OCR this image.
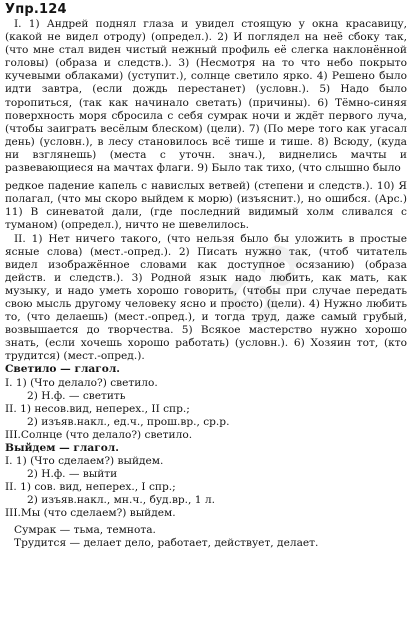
Упр.124

I. 1) Андрей поднял глаза и увидел стоящую у окна красавицу, (какой не видел отроду) (определ.). 2) И поглядел на неё сбоку так, (что мне стал виден чистый нежный профиль её слегка наклонённой головы) (образа и следств.). 3) (Несмотря на то что небо покрыто кучевыми облаками) (уступит.), солнце светило ярко. 4) Решено было идти завтра, (если дождь перестанет) (условн.). 5) Надо было торопиться, (так как начинало светать) (причины). 6) Тёмно-синяя поверхность моря сбросила с себя сумрак ночи и ждёт первого луча, (чтобы заиграть весёлым блеском) (цели). 7) (По мере того как угасал день) (условн.), в лесу становилось всё тише и тише. 8) Всюду, (куда ни взглянешь) (места с уточн. знач.), виднелись мачты и развевающиеся на мачтах флаги. 9) Было так тихо, (что слышно было

редкое падение капель с навислых ветвей) (степени и следств.). 10) Я полагал, (что мы скоро выйдем к морю) (изъяснит.), но ошибся. (Арс.) 11) В синеватой дали, (где последний видимый холм сливался с туманом) (определ.), ничто не шевелилось.

II. 1) Нет ничего такого, (что нельзя было бы уложить в простые ясные слова) (мест.-опред.). 2) Писать нужно так, (чтоб читатель видел изображённое словами как доступное осязанию) (образа действ. и следств.). 3) Родной язык надо любить, как мать, как музыку, и надо уметь хорошо говорить, (чтобы при случае передать свою мысль другому человеку ясно и просто) (цели). 4) Нужно любить то, (что делаешь) (мест.-опред.), и тогда труд, даже самый грубый, возвышается до творчества. 5) Всякое мастерство нужно хорошо знать, (если хочешь хорошо работать) (условн.). 6) Хозяин тот, (кто трудится) (мест.-опред.).

Светило — глагол.
I. 1) (Что делало?) светило.
2) Н.ф. — светить
II. 1) несов.вид, неперех., II спр.;
2) изъяв.накл., ед.ч., прош.вр., ср.р.
III.Солнце (что делало?) светило.
Выйдем — глагол.
I. 1) (Что сделаем?) выйдем.
2) Н.ф. — выйти
II. 1) сов. вид, неперех., I спр.;
2) изъяв.накл., мн.ч., буд.вр., 1 л.
III.Мы (что сделаем?) выйдем.
Сумрак — тьма, темнота.
Трудится — делает дело, работает, действует, делает.
Sa
